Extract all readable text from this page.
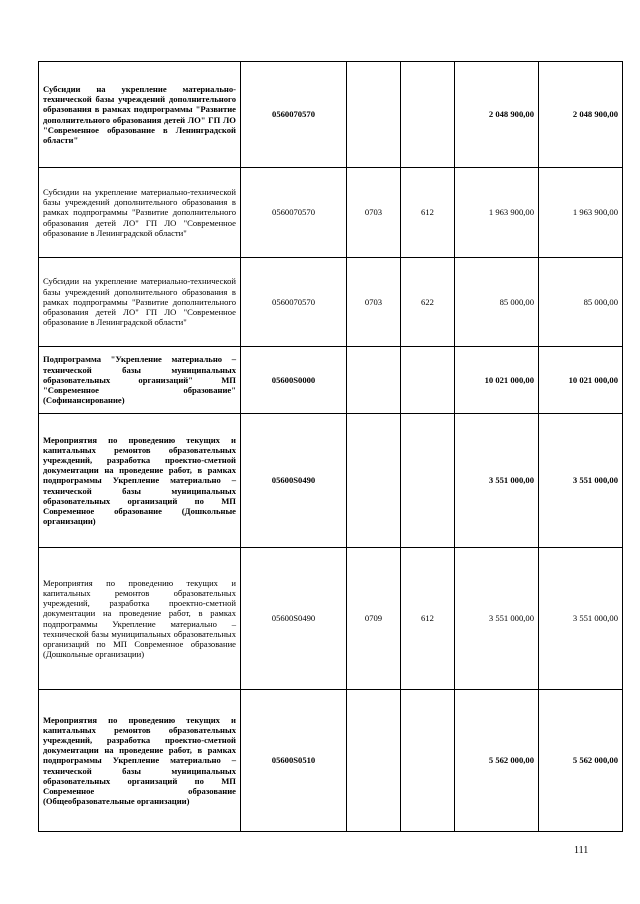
Субсидии на укрепление материально-технической базы учреждений дополнительного образования в рамках подпрограммы "Развитие дополнительного образования детей ЛО" ГП ЛО "Современное образование в Ленинградской области"	0560070570			2 048 900,00	2 048 900,00
Субсидии на укрепление материально-технической базы учреждений дополнительного образования в рамках подпрограммы "Развитие дополнительного образования детей ЛО" ГП ЛО "Современное образование в Ленинградской области"	0560070570	0703	612	1 963 900,00	1 963 900,00
Субсидии на укрепление материально-технической базы учреждений дополнительного образования в рамках подпрограммы "Развитие дополнительного образования детей ЛО" ГП ЛО "Современное образование в Ленинградской области"	0560070570	0703	622	85 000,00	85 000,00
Подпрограмма "Укрепление материально – технической базы муниципальных образовательных организаций" МП "Современное образование" (Софинансирование)	05600S0000			10 021 000,00	10 021 000,00
Мероприятия по проведению текущих и капитальных ремонтов образовательных учреждений, разработка проектно-сметной документации на проведение работ, в рамках подпрограммы Укрепление материально – технической базы муниципальных образовательных организаций по МП Современное образование (Дошкольные организации)	05600S0490			3 551 000,00	3 551 000,00
Мероприятия по проведению текущих и капитальных ремонтов образовательных учреждений, разработка проектно-сметной документации на проведение работ, в рамках подпрограммы Укрепление материально – технической базы муниципальных образовательных организаций по МП Современное образование (Дошкольные организации)	05600S0490	0709	612	3 551 000,00	3 551 000,00
Мероприятия по проведению текущих и капитальных ремонтов образовательных учреждений, разработка проектно-сметной документации на проведение работ, в рамках подпрограммы Укрепление материально – технической базы муниципальных образовательных организаций по МП Современное образование (Общеобразовательные организации)	05600S0510			5 562 000,00	5 562 000,00
111
